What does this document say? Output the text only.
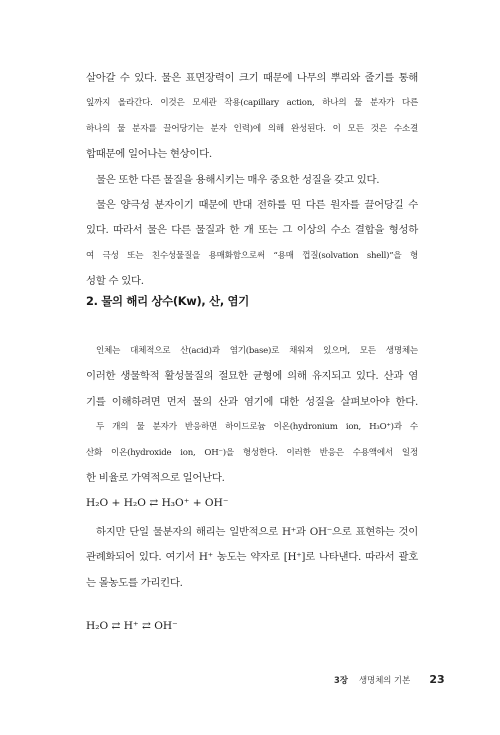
살아갈 수 있다. 물은 표면장력이 크기 때문에 나무의 뿌리와 줄기를 통해
잎까지 올라간다. 이것은 모세관 작용(capillary action, 하나의 물 분자가 다른
하나의 물 분자를 끌어당기는 분자 인력)에 의해 완성된다. 이 모든 것은 수소결
합때문에 일어나는 현상이다.
물은 또한 다른 물질을 용해시키는 매우 중요한 성질을 갖고 있다.
물은 양극성 분자이기 때문에 반대 전하를 띤 다른 원자를 끌어당길 수
있다. 따라서 물은 다른 물질과 한 개 또는 그 이상의 수소 결합을 형성하
여 극성 또는 친수성물질을 용매화함으로써 “용매 껍질(solvation shell)”을 형
성할 수 있다.
2. 물의 해리 상수(Kw), 산, 염기
인체는 대체적으로 산(acid)과 염기(base)로 채워져 있으며, 모든 생명체는
이러한 생물학적 활성물질의 절묘한 균형에 의해 유지되고 있다. 산과 염
기를 이해하려면 먼저 물의 산과 염기에 대한 성질을 살펴보아야 한다.
두 개의 물 분자가 반응하면 하이드로늄 이온(hydronium ion, H₃O⁺)과 수
산화 이온(hydroxide ion, OH⁻)을 형성한다. 이러한 반응은 수용액에서 일정
한 비율로 가역적으로 일어난다.
H₂O + H₂O ⇄ H₃O⁺ + OH⁻
하지만 단일 물분자의 해리는 일반적으로 H⁺과 OH⁻으로 표현하는 것이
관례화되어 있다. 여기서 H⁺ 농도는 약자로 [H⁺]로 나타낸다. 따라서 괄호
는 몰농도를 가리킨다.
H₂O ⇄ H⁺ ⇄ OH⁻
3장 생명체의 기본 23
